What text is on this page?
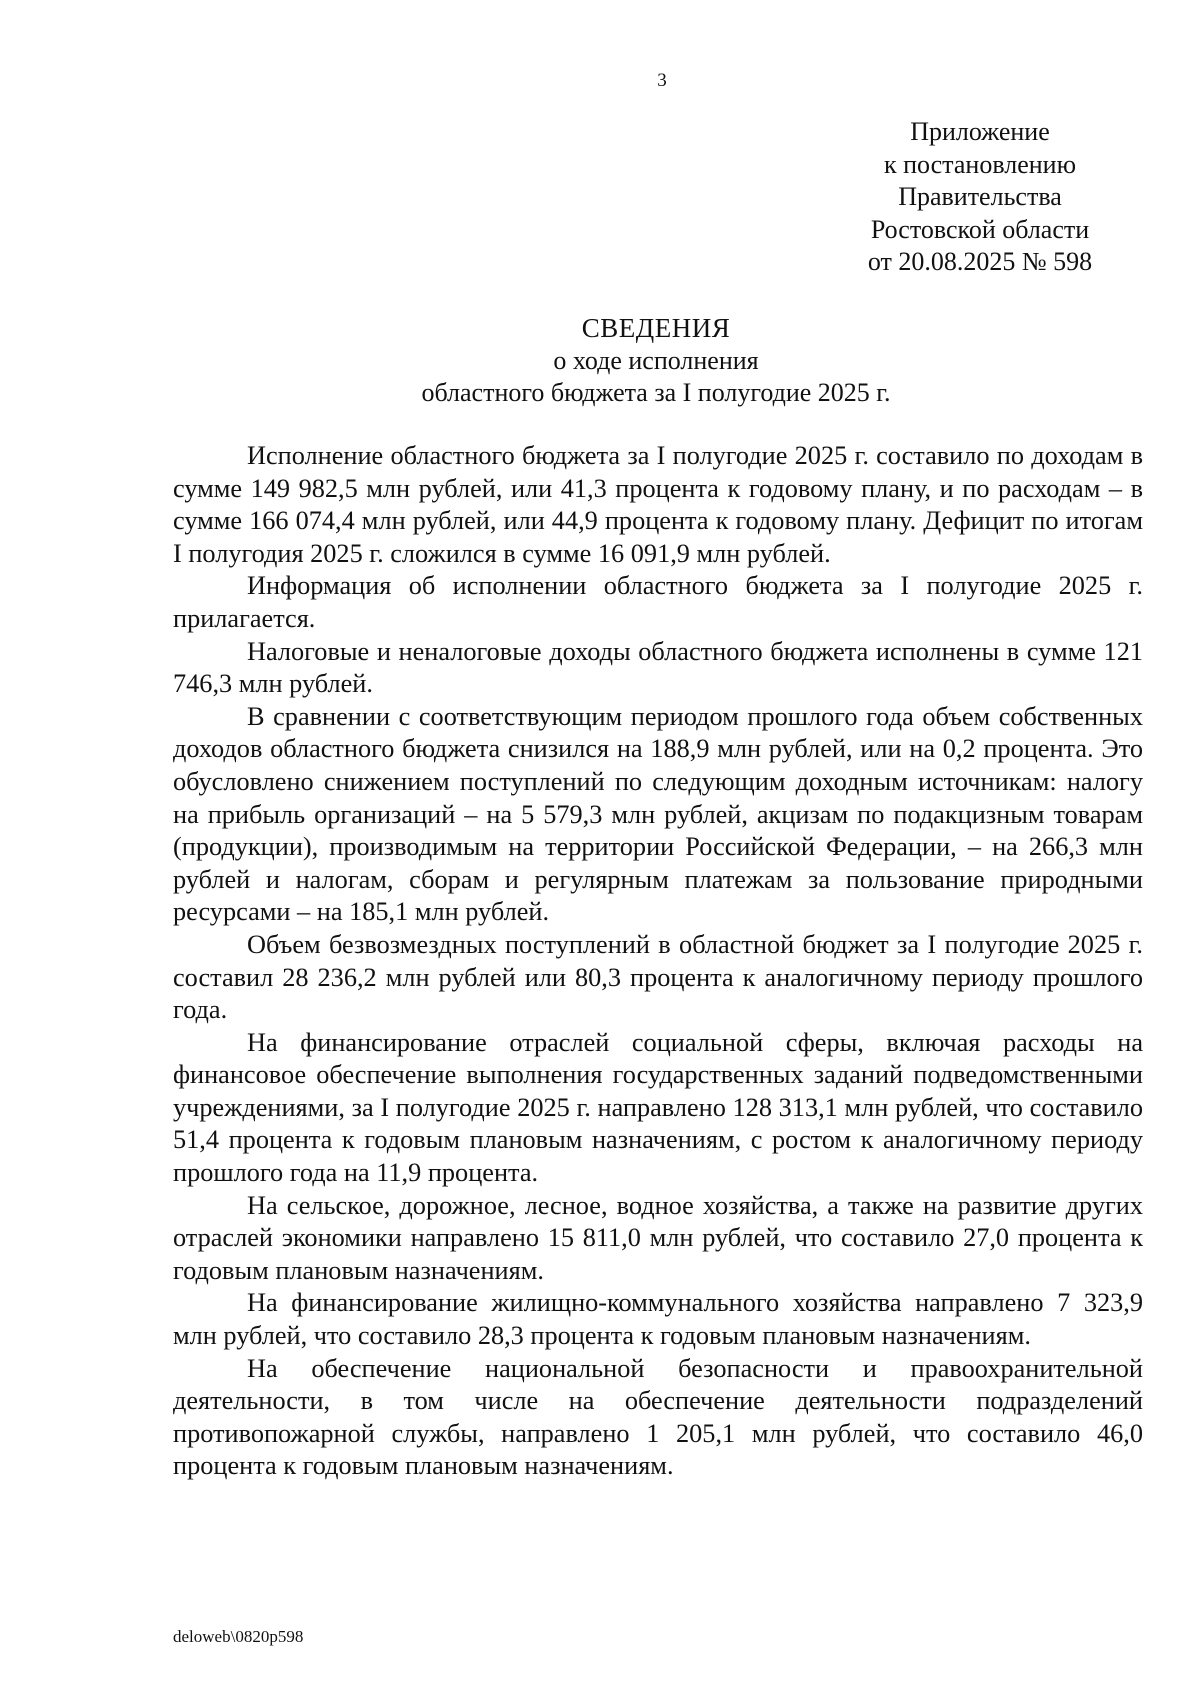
3
Приложение
к постановлению
Правительства
Ростовской области
от 20.08.2025 № 598
СВЕДЕНИЯ
о ходе исполнения
областного бюджета за I полугодие 2025 г.

Исполнение областного бюджета за I полугодие 2025 г. составило по доходам в сумме 149 982,5 млн рублей, или 41,3 процента к годовому плану, и по расходам – в сумме 166 074,4 млн рублей, или 44,9 процента к годовому плану. Дефицит по итогам I полугодия 2025 г. сложился в сумме 16 091,9 млн рублей.

Информация об исполнении областного бюджета за I полугодие 2025 г. прилагается.

Налоговые и неналоговые доходы областного бюджета исполнены в сумме 121 746,3 млн рублей.

В сравнении с соответствующим периодом прошлого года объем собственных доходов областного бюджета снизился на 188,9 млн рублей, или на 0,2 процента. Это обусловлено снижением поступлений по следующим доходным источникам: налогу на прибыль организаций – на 5 579,3 млн рублей, акцизам по подакцизным товарам (продукции), производимым на территории Российской Федерации, – на 266,3 млн рублей и налогам, сборам и регулярным платежам за пользование природными ресурсами – на 185,1 млн рублей.

Объем безвозмездных поступлений в областной бюджет за I полугодие 2025 г. составил 28 236,2 млн рублей или 80,3 процента к аналогичному периоду прошлого года.

На финансирование отраслей социальной сферы, включая расходы на финансовое обеспечение выполнения государственных заданий подведомственными учреждениями, за I полугодие 2025 г. направлено 128 313,1 млн рублей, что составило 51,4 процента к годовым плановым назначениям, с ростом к аналогичному периоду прошлого года на 11,9 процента.

На сельское, дорожное, лесное, водное хозяйства, а также на развитие других отраслей экономики направлено 15 811,0 млн рублей, что составило 27,0 процента к годовым плановым назначениям.

На финансирование жилищно-коммунального хозяйства направлено 7 323,9 млн рублей, что составило 28,3 процента к годовым плановым назначениям.

На обеспечение национальной безопасности и правоохранительной деятельности, в том числе на обеспечение деятельности подразделений противопожарной службы, направлено 1 205,1 млн рублей, что составило 46,0 процента к годовым плановым назначениям.

deloweb\0820p598
